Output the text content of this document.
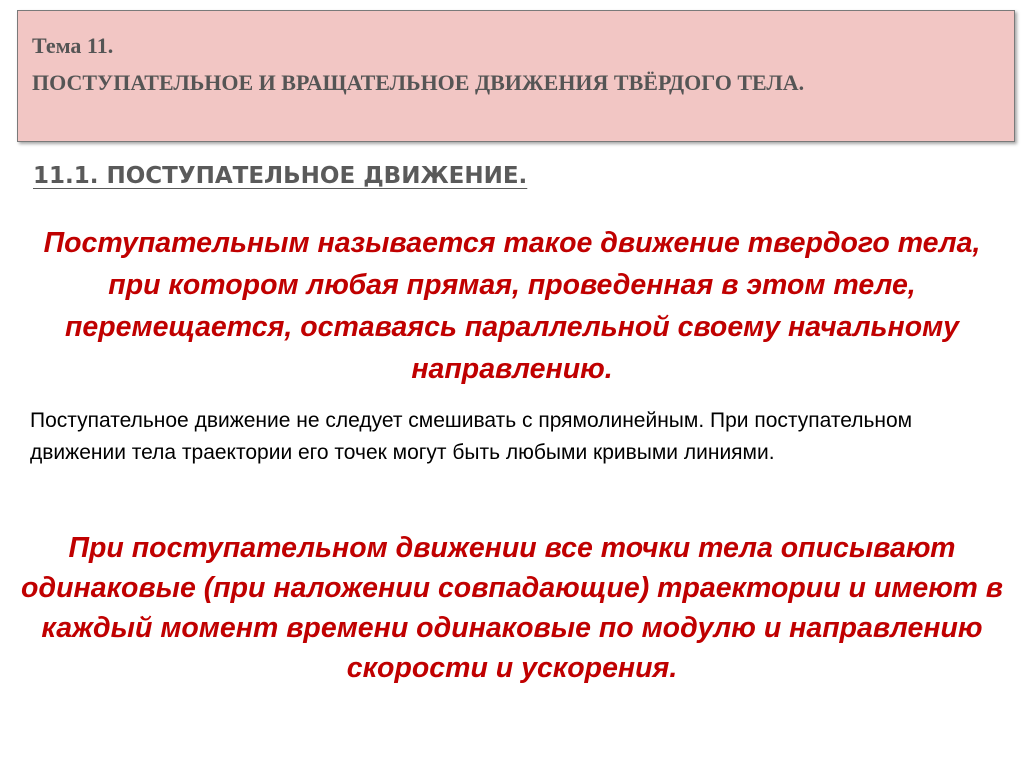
Тема 11.
ПОСТУПАТЕЛЬНОЕ И ВРАЩАТЕЛЬНОЕ ДВИЖЕНИЯ ТВЁРДОГО ТЕЛА.
11.1. ПОСТУПАТЕЛЬНОЕ ДВИЖЕНИЕ.
Поступательным называется такое движение твердого тела, при котором любая прямая, проведенная в этом теле, перемещается, оставаясь параллельной своему начальному направлению.
Поступательное движение не следует смешивать с прямолинейным. При поступательном движении тела траектории его точек могут быть любыми кривыми линиями.
При поступательном движении все точки тела описывают одинаковые (при наложении совпадающие) траектории и имеют в каждый момент времени одинаковые по модулю и направлению скорости и ускорения.
